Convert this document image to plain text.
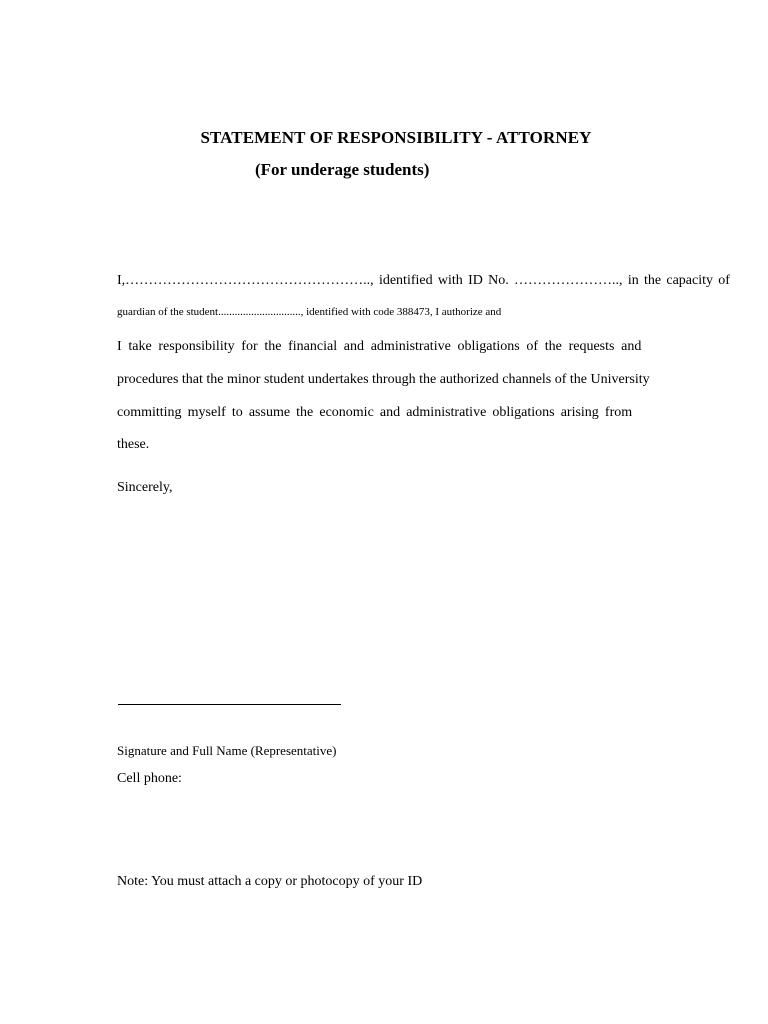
STATEMENT OF RESPONSIBILITY - ATTORNEY
(For underage students)
I,…………………………………………….., identified with ID No. ………………….., in the capacity of
guardian of the student.............................., identified with code 388473, I authorize and
I take responsibility for the financial and administrative obligations of the requests and
procedures that the minor student undertakes through the authorized channels of the University
committing myself to assume the economic and administrative obligations arising from
these.
Sincerely,
Signature and Full Name (Representative)
Cell phone:
Note: You must attach a copy or photocopy of your ID
